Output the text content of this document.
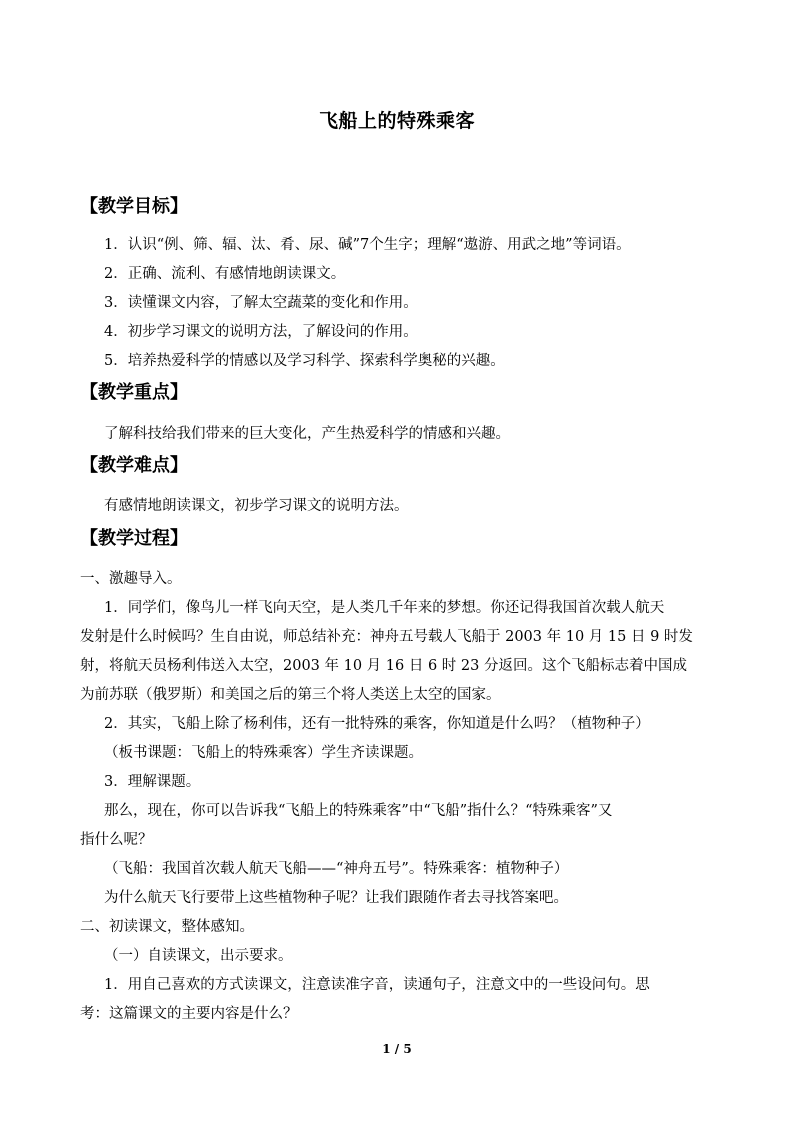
飞船上的特殊乘客
【教学目标】
1．认识“例、筛、辐、汰、肴、尿、碱”7个生字；理解“遨游、用武之地”等词语。
2．正确、流利、有感情地朗读课文。
3．读懂课文内容，了解太空蔬菜的变化和作用。
4．初步学习课文的说明方法，了解设问的作用。
5．培养热爱科学的情感以及学习科学、探索科学奥秘的兴趣。
【教学重点】
了解科技给我们带来的巨大变化，产生热爱科学的情感和兴趣。
【教学难点】
有感情地朗读课文，初步学习课文的说明方法。
【教学过程】
一、激趣导入。
1．同学们，像鸟儿一样飞向天空，是人类几千年来的梦想。你还记得我国首次载人航天
发射是什么时候吗？生自由说，师总结补充：神舟五号载人飞船于 2003 年 10 月 15 日 9 时发
射，将航天员杨利伟送入太空，2003 年 10 月 16 日 6 时 23 分返回。这个飞船标志着中国成
为前苏联（俄罗斯）和美国之后的第三个将人类送上太空的国家。
2．其实，飞船上除了杨利伟，还有一批特殊的乘客，你知道是什么吗？（植物种子）
（板书课题：飞船上的特殊乘客）学生齐读课题。
3．理解课题。
那么，现在，你可以告诉我“飞船上的特殊乘客”中“飞船”指什么？“特殊乘客”又
指什么呢？
（飞船：我国首次载人航天飞船——“神舟五号”。特殊乘客：植物种子）
为什么航天飞行要带上这些植物种子呢？让我们跟随作者去寻找答案吧。
二、初读课文，整体感知。
（一）自读课文，出示要求。
1．用自己喜欢的方式读课文，注意读准字音，读通句子，注意文中的一些设问句。思
考：这篇课文的主要内容是什么？
1 / 5
